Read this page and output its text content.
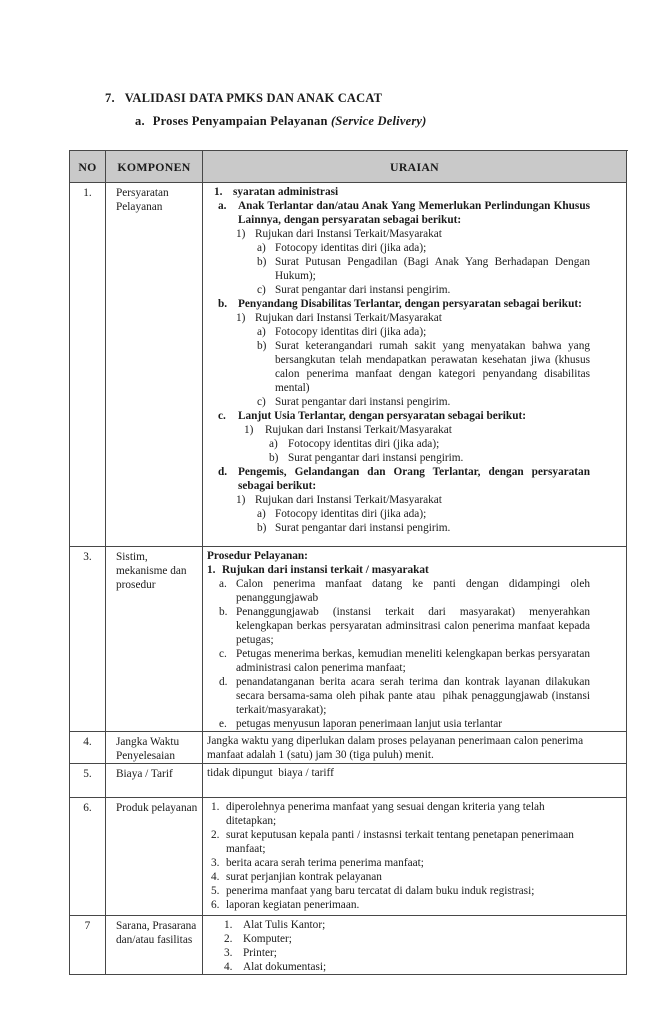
7. VALIDASI DATA PMKS DAN ANAK CACAT
a. Proses Penyampaian Pelayanan (Service Delivery)
NO	KOMPONEN	URAIAN
1.	Persyaratan Pelayanan
1. syaratan administrasi
a.	Anak Terlantar dan/atau Anak Yang Memerlukan Perlindungan Khusus Lainnya, dengan persyaratan sebagai berikut:
1) Rujukan dari Instansi Terkait/Masyarakat
a) Fotocopy identitas diri (jika ada);
b) Surat Putusan Pengadilan (Bagi Anak Yang Berhadapan Dengan Hukum);
c) Surat pengantar dari instansi pengirim.
b. Penyandang Disabilitas Terlantar, dengan persyaratan sebagai berikut:
1) Rujukan dari Instansi Terkait/Masyarakat
a) Fotocopy identitas diri (jika ada);
b) Surat keterangandari rumah sakit yang menyatakan bahwa yang bersangkutan telah mendapatkan perawatan kesehatan jiwa (khusus calon penerima manfaat dengan kategori penyandang disabilitas mental)
c) Surat pengantar dari instansi pengirim.
c.	Lanjut Usia Terlantar, dengan persyaratan sebagai berikut:
1)	Rujukan dari Instansi Terkait/Masyarakat
a) Fotocopy identitas diri (jika ada);
b) Surat pengantar dari instansi pengirim.
d. Pengemis, Gelandangan dan Orang Terlantar, dengan persyaratan sebagai berikut:
1) Rujukan dari Instansi Terkait/Masyarakat
a) Fotocopy identitas diri (jika ada);
b) Surat pengantar dari instansi pengirim.
3.	Sistim, mekanisme dan prosedur
Prosedur Pelayanan:
1. Rujukan dari instansi terkait / masyarakat
a. Calon penerima manfaat datang ke panti dengan didampingi oleh penanggungjawab
b. Penanggungjawab (instansi terkait dari masyarakat) menyerahkan kelengkapan berkas persyaratan adminsitrasi calon penerima manfaat kepada petugas;
c. Petugas menerima berkas, kemudian meneliti kelengkapan berkas persyaratan administrasi calon penerima manfaat;
d. penandatanganan berita acara serah terima dan kontrak layanan dilakukan secara bersama-sama oleh pihak pante atau  pihak penaggungjawab (instansi terkait/masyarakat);
e. petugas menyusun laporan penerimaan lanjut usia terlantar
4.	Jangka Waktu Penyelesaian
Jangka waktu yang diperlukan dalam proses pelayanan penerimaan calon penerima manfaat adalah 1 (satu) jam 30 (tiga puluh) menit.
5.	Biaya / Tarif	tidak dipungut  biaya / tariff
6.	Produk pelayanan	1. diperolehnya penerima manfaat yang sesuai dengan kriteria yang telah ditetapkan;
2. surat keputusan kepala panti / instasnsi terkait tentang penetapan penerimaan manfaat;
3. berita acara serah terima penerima manfaat;
4. surat perjanjian kontrak pelayanan
5. penerima manfaat yang baru tercatat di dalam buku induk registrasi;
6. laporan kegiatan penerimaan.
7	Sarana, Prasarana dan/atau fasilitas
1. Alat Tulis Kantor;
2. Komputer;
3. Printer;
4. Alat dokumentasi;
